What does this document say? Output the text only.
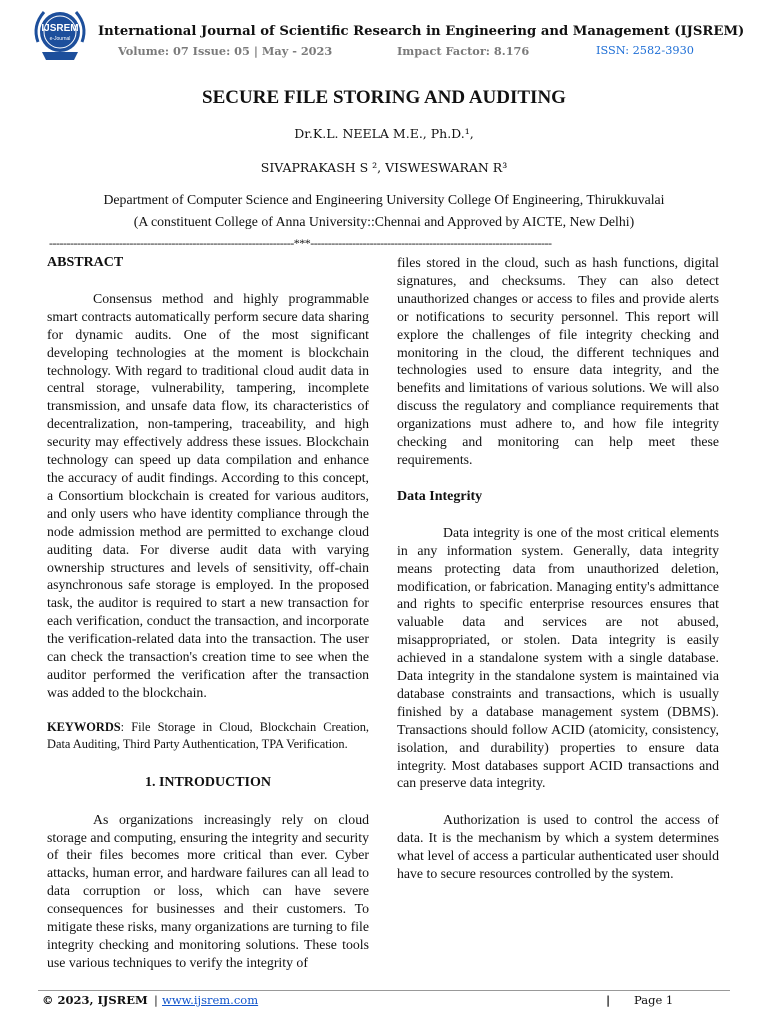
IJSREM
e-Journal International Journal of Scientific Research in Engineering and Management (IJSREM)
Volume: 07 Issue: 05 | May - 2023	Impact Factor: 8.176	ISSN: 2582-3930
SECURE FILE STORING AND AUDITING
Dr.K.L. NEELA M.E., Ph.D.¹,
SIVAPRAKASH S ², VISWESWARAN R³
Department of Computer Science and Engineering University College Of Engineering, Thirukkuvalai
(A constituent College of Anna University::Chennai and Approved by AICTE, New Delhi)
----------------------------------------------------------------------***---------------------------------------------------------------------

ABSTRACT

Consensus method and highly programmable smart contracts automatically perform secure data sharing for dynamic audits. One of the most significant developing technologies at the moment is blockchain technology. With regard to traditional cloud audit data in central storage, vulnerability, tampering, incomplete transmission, and unsafe data flow, its characteristics of decentralization, non-tampering, traceability, and high security may effectively address these issues. Blockchain technology can speed up data compilation and enhance the accuracy of audit findings. According to this concept, a Consortium blockchain is created for various auditors, and only users who have identity compliance through the node admission method are permitted to exchange cloud auditing data. For diverse audit data with varying ownership structures and levels of sensitivity, off-chain asynchronous safe storage is employed. In the proposed task, the auditor is required to start a new transaction for each verification, conduct the transaction, and incorporate the verification-related data into the transaction. The user can check the transaction's creation time to see when the auditor performed the verification after the transaction was added to the blockchain.

KEYWORDS: File Storage in Cloud, Blockchain Creation, Data Auditing, Third Party Authentication, TPA Verification.

1. INTRODUCTION

As organizations increasingly rely on cloud storage and computing, ensuring the integrity and security of their files becomes more critical than ever. Cyber attacks, human error, and hardware failures can all lead to data corruption or loss, which can have severe consequences for businesses and their customers. To mitigate these risks, many organizations are turning to file integrity checking and monitoring solutions. These tools use various techniques to verify the integrity of

files stored in the cloud, such as hash functions, digital signatures, and checksums. They can also detect unauthorized changes or access to files and provide alerts or notifications to security personnel. This report will explore the challenges of file integrity checking and monitoring in the cloud, the different techniques and technologies used to ensure data integrity, and the benefits and limitations of various solutions. We will also discuss the regulatory and compliance requirements that organizations must adhere to, and how file integrity checking and monitoring can help meet these requirements.

Data Integrity

Data integrity is one of the most critical elements in any information system. Generally, data integrity means protecting data from unauthorized deletion, modification, or fabrication. Managing entity's admittance and rights to specific enterprise resources ensures that valuable data and services are not abused, misappropriated, or stolen. Data integrity is easily achieved in a standalone system with a single database. Data integrity in the standalone system is maintained via database constraints and transactions, which is usually finished by a database management system (DBMS). Transactions should follow ACID (atomicity, consistency, isolation, and durability) properties to ensure data integrity. Most databases support ACID transactions and can preserve data integrity.

Authorization is used to control the access of data. It is the mechanism by which a system determines what level of access a particular authenticated user should have to secure resources controlled by the system.

© 2023, IJSREM | www.ijsrem.com	| Page 1
